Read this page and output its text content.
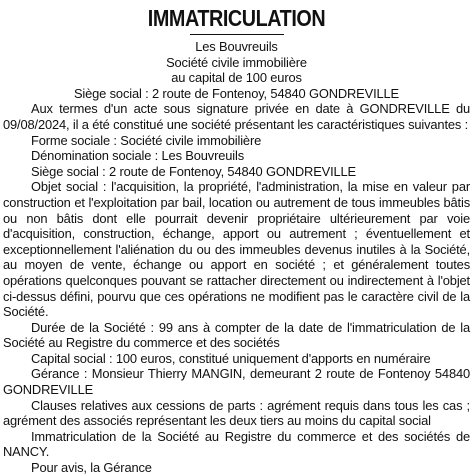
IMMATRICULATION
Les Bouvreuils
Société civile immobilière
au capital de 100 euros
Siège social : 2 route de Fontenoy, 54840 GONDREVILLE

Aux termes d'un acte sous signature privée en date à GONDREVILLE du 09/08/2024, il a été constitué une société présentant les caractéristiques suivantes :

Forme sociale : Société civile immobilière

Dénomination sociale : Les Bouvreuils

Siège social : 2 route de Fontenoy, 54840 GONDREVILLE

Objet social : l'acquisition, la propriété, l'administration, la mise en valeur par construction et l'exploitation par bail, location ou autrement de tous immeubles bâtis ou non bâtis dont elle pourrait devenir propriétaire ultérieurement par voie d'acquisition, construction, échange, apport ou autrement ; éventuellement et exceptionnellement l'aliénation du ou des immeubles devenus inutiles à la Société, au moyen de vente, échange ou apport en société ; et généralement toutes opérations quelconques pouvant se rattacher directement ou indirectement à l'objet ci-dessus défini, pourvu que ces opérations ne modifient pas le caractère civil de la Société.

Durée de la Société : 99 ans à compter de la date de l'immatriculation de la Société au Registre du commerce et des sociétés

Capital social : 100 euros, constitué uniquement d'apports en numéraire

Gérance : Monsieur Thierry MANGIN, demeurant 2 route de Fontenoy 54840 GONDREVILLE

Clauses relatives aux cessions de parts : agrément requis dans tous les cas ; agrément des associés représentant les deux tiers au moins du capital social

Immatriculation de la Société au Registre du commerce et des sociétés de NANCY.

Pour avis, la Gérance
